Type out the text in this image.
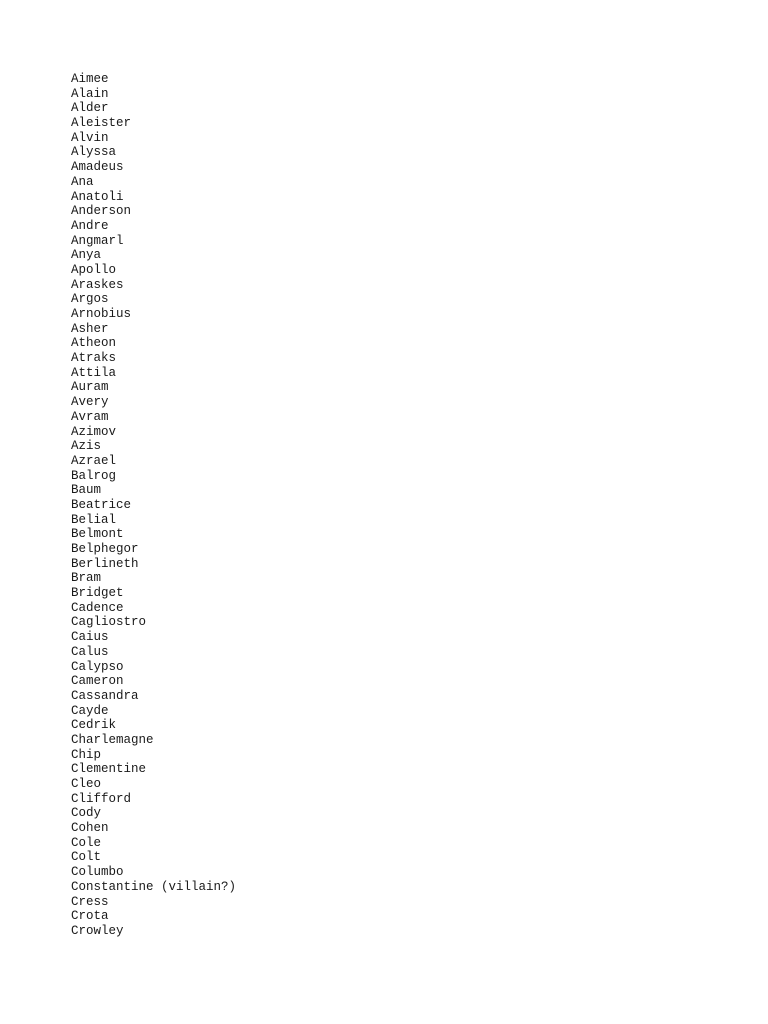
Aimee
Alain
Alder
Aleister
Alvin
Alyssa
Amadeus
Ana
Anatoli
Anderson
Andre
Angmarl
Anya
Apollo
Araskes
Argos
Arnobius
Asher
Atheon
Atraks
Attila
Auram
Avery
Avram
Azimov
Azis
Azrael
Balrog
Baum
Beatrice
Belial
Belmont
Belphegor
Berlineth
Bram
Bridget
Cadence
Cagliostro
Caius
Calus
Calypso
Cameron
Cassandra
Cayde
Cedrik
Charlemagne
Chip
Clementine
Cleo
Clifford
Cody
Cohen
Cole
Colt
Columbo
Constantine (villain?)
Cress
Crota
Crowley
